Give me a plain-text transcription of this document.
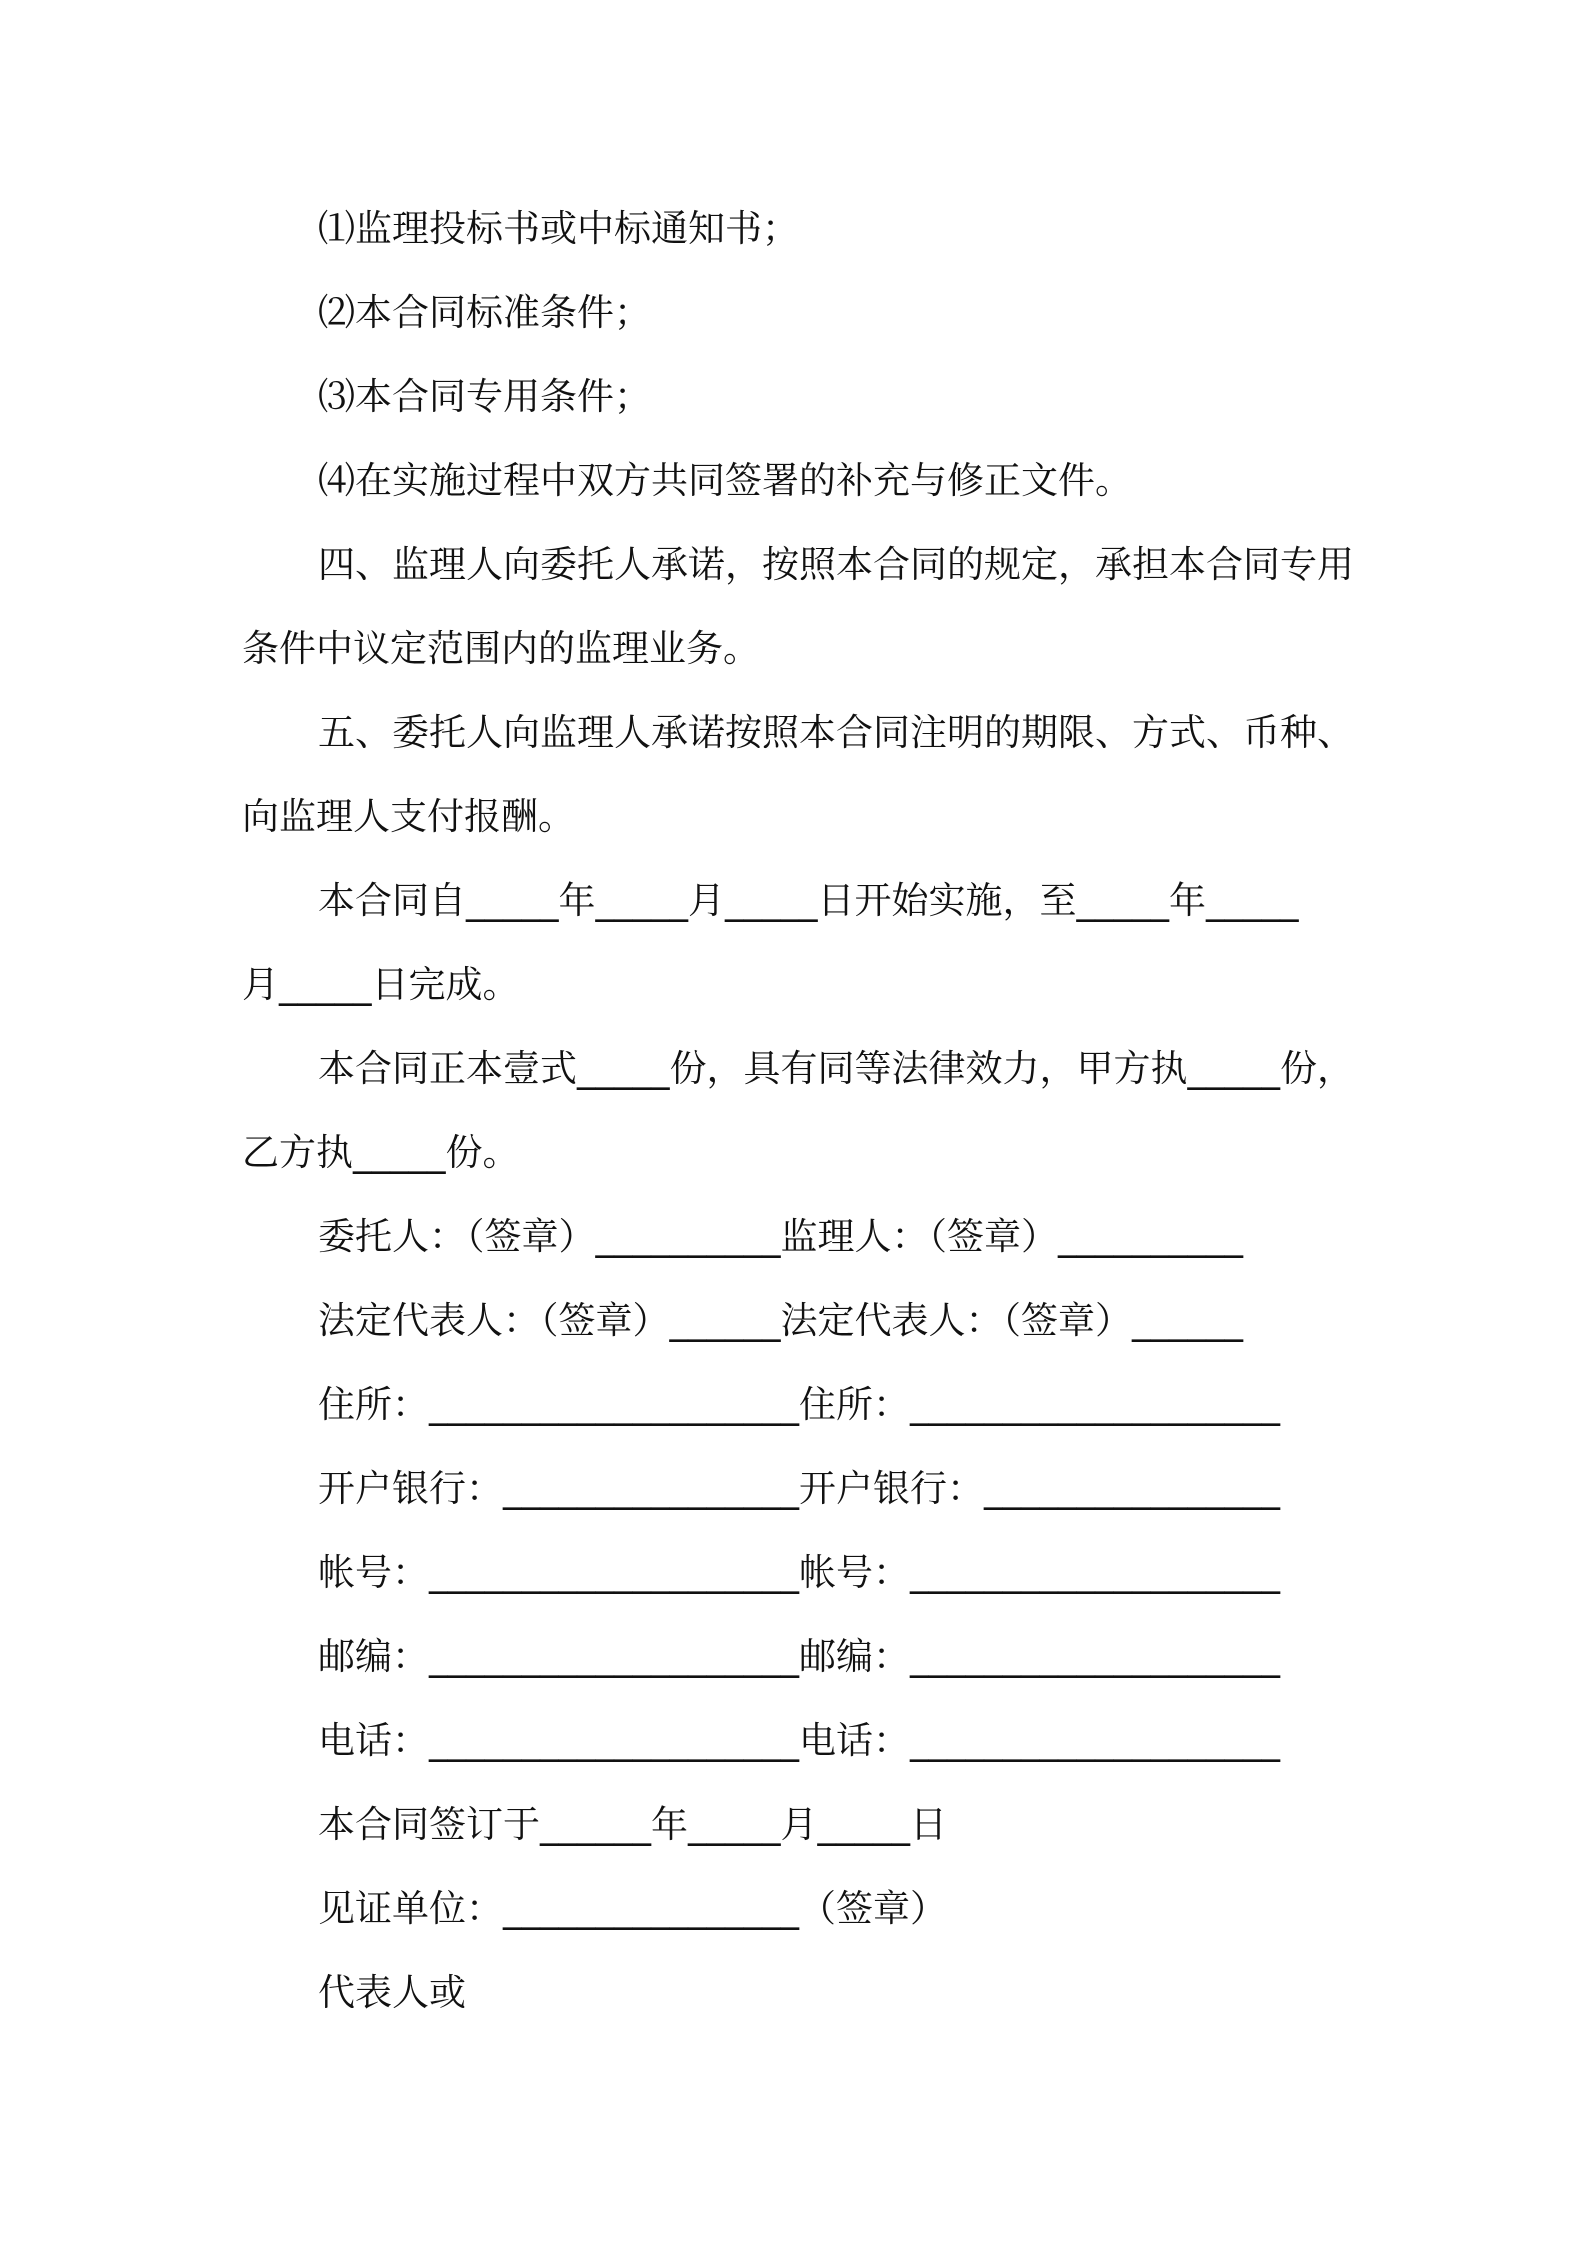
⑴监理投标书或中标通知书；
⑵本合同标准条件；
⑶本合同专用条件；
⑷在实施过程中双方共同签署的补充与修正文件。
四、监理人向委托人承诺，按照本合同的规定，承担本合同专用
条件中议定范围内的监理业务。
五、委托人向监理人承诺按照本合同注明的期限、方式、币种、
向监理人支付报酬。
本合同自_____年_____月_____日开始实施，至_____年_____
月_____日完成。
本合同正本壹式_____份，具有同等法律效力，甲方执_____份，
乙方执_____份。
委托人：（签章）__________监理人：（签章）__________
法定代表人：（签章）______法定代表人：（签章）______
住所：____________________住所：____________________
开户银行：________________开户银行：________________
帐号：____________________帐号：____________________
邮编：____________________邮编：____________________
电话：____________________电话：____________________
本合同签订于______年_____月_____日
见证单位：________________（签章）
代表人或
